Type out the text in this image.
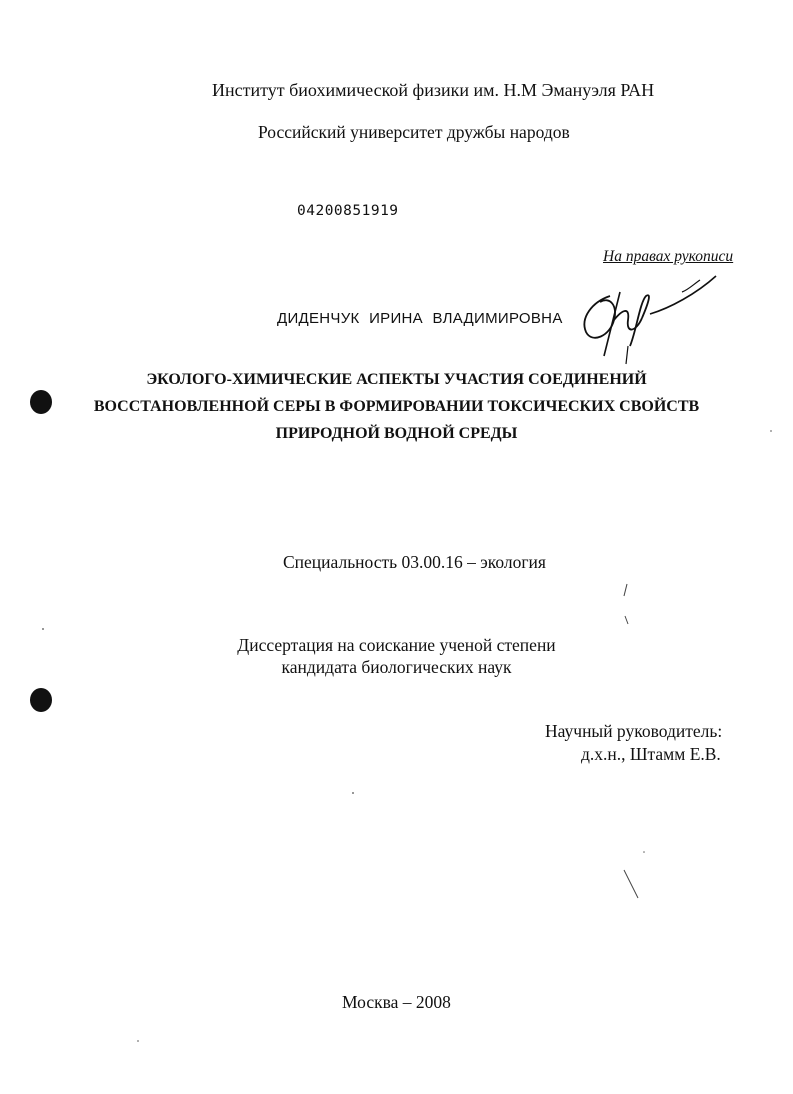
Институт биохимической физики им. Н.М Эмануэля РАН
Российский университет дружбы народов
04200851919
На правах рукописи
ДИДЕНЧУК ИРИНА ВЛАДИМИРОВНА
ЭКОЛОГО-ХИМИЧЕСКИЕ АСПЕКТЫ УЧАСТИЯ СОЕДИНЕНИЙ
ВОССТАНОВЛЕННОЙ СЕРЫ В ФОРМИРОВАНИИ ТОКСИЧЕСКИХ СВОЙСТВ
ПРИРОДНОЙ ВОДНОЙ СРЕДЫ
Специальность 03.00.16 – экология
Диссертация на соискание ученой степени
кандидата биологических наук
Научный руководитель:
д.х.н., Штамм Е.В.
Москва – 2008
